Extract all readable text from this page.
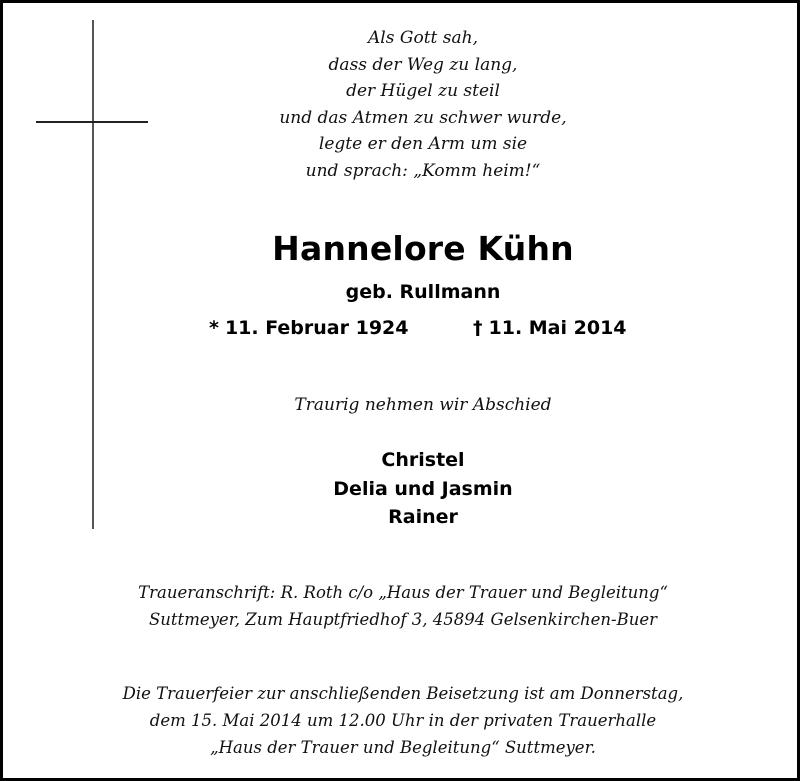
Als Gott sah,
dass der Weg zu lang,
der Hügel zu steil
und das Atmen zu schwer wurde,
legte er den Arm um sie
und sprach: „Komm heim!“
Hannelore Kühn
geb. Rullmann
* 11. Februar 1924	† 11. Mai 2014
Traurig nehmen wir Abschied
Christel
Delia und Jasmin
Rainer
Traueranschrift: R. Roth c/o „Haus der Trauer und Begleitung“
Suttmeyer, Zum Hauptfriedhof 3, 45894 Gelsenkirchen-Buer
Die Trauerfeier zur anschließenden Beisetzung ist am Donnerstag,
dem 15. Mai 2014 um 12.00 Uhr in der privaten Trauerhalle
„Haus der Trauer und Begleitung“ Suttmeyer.
